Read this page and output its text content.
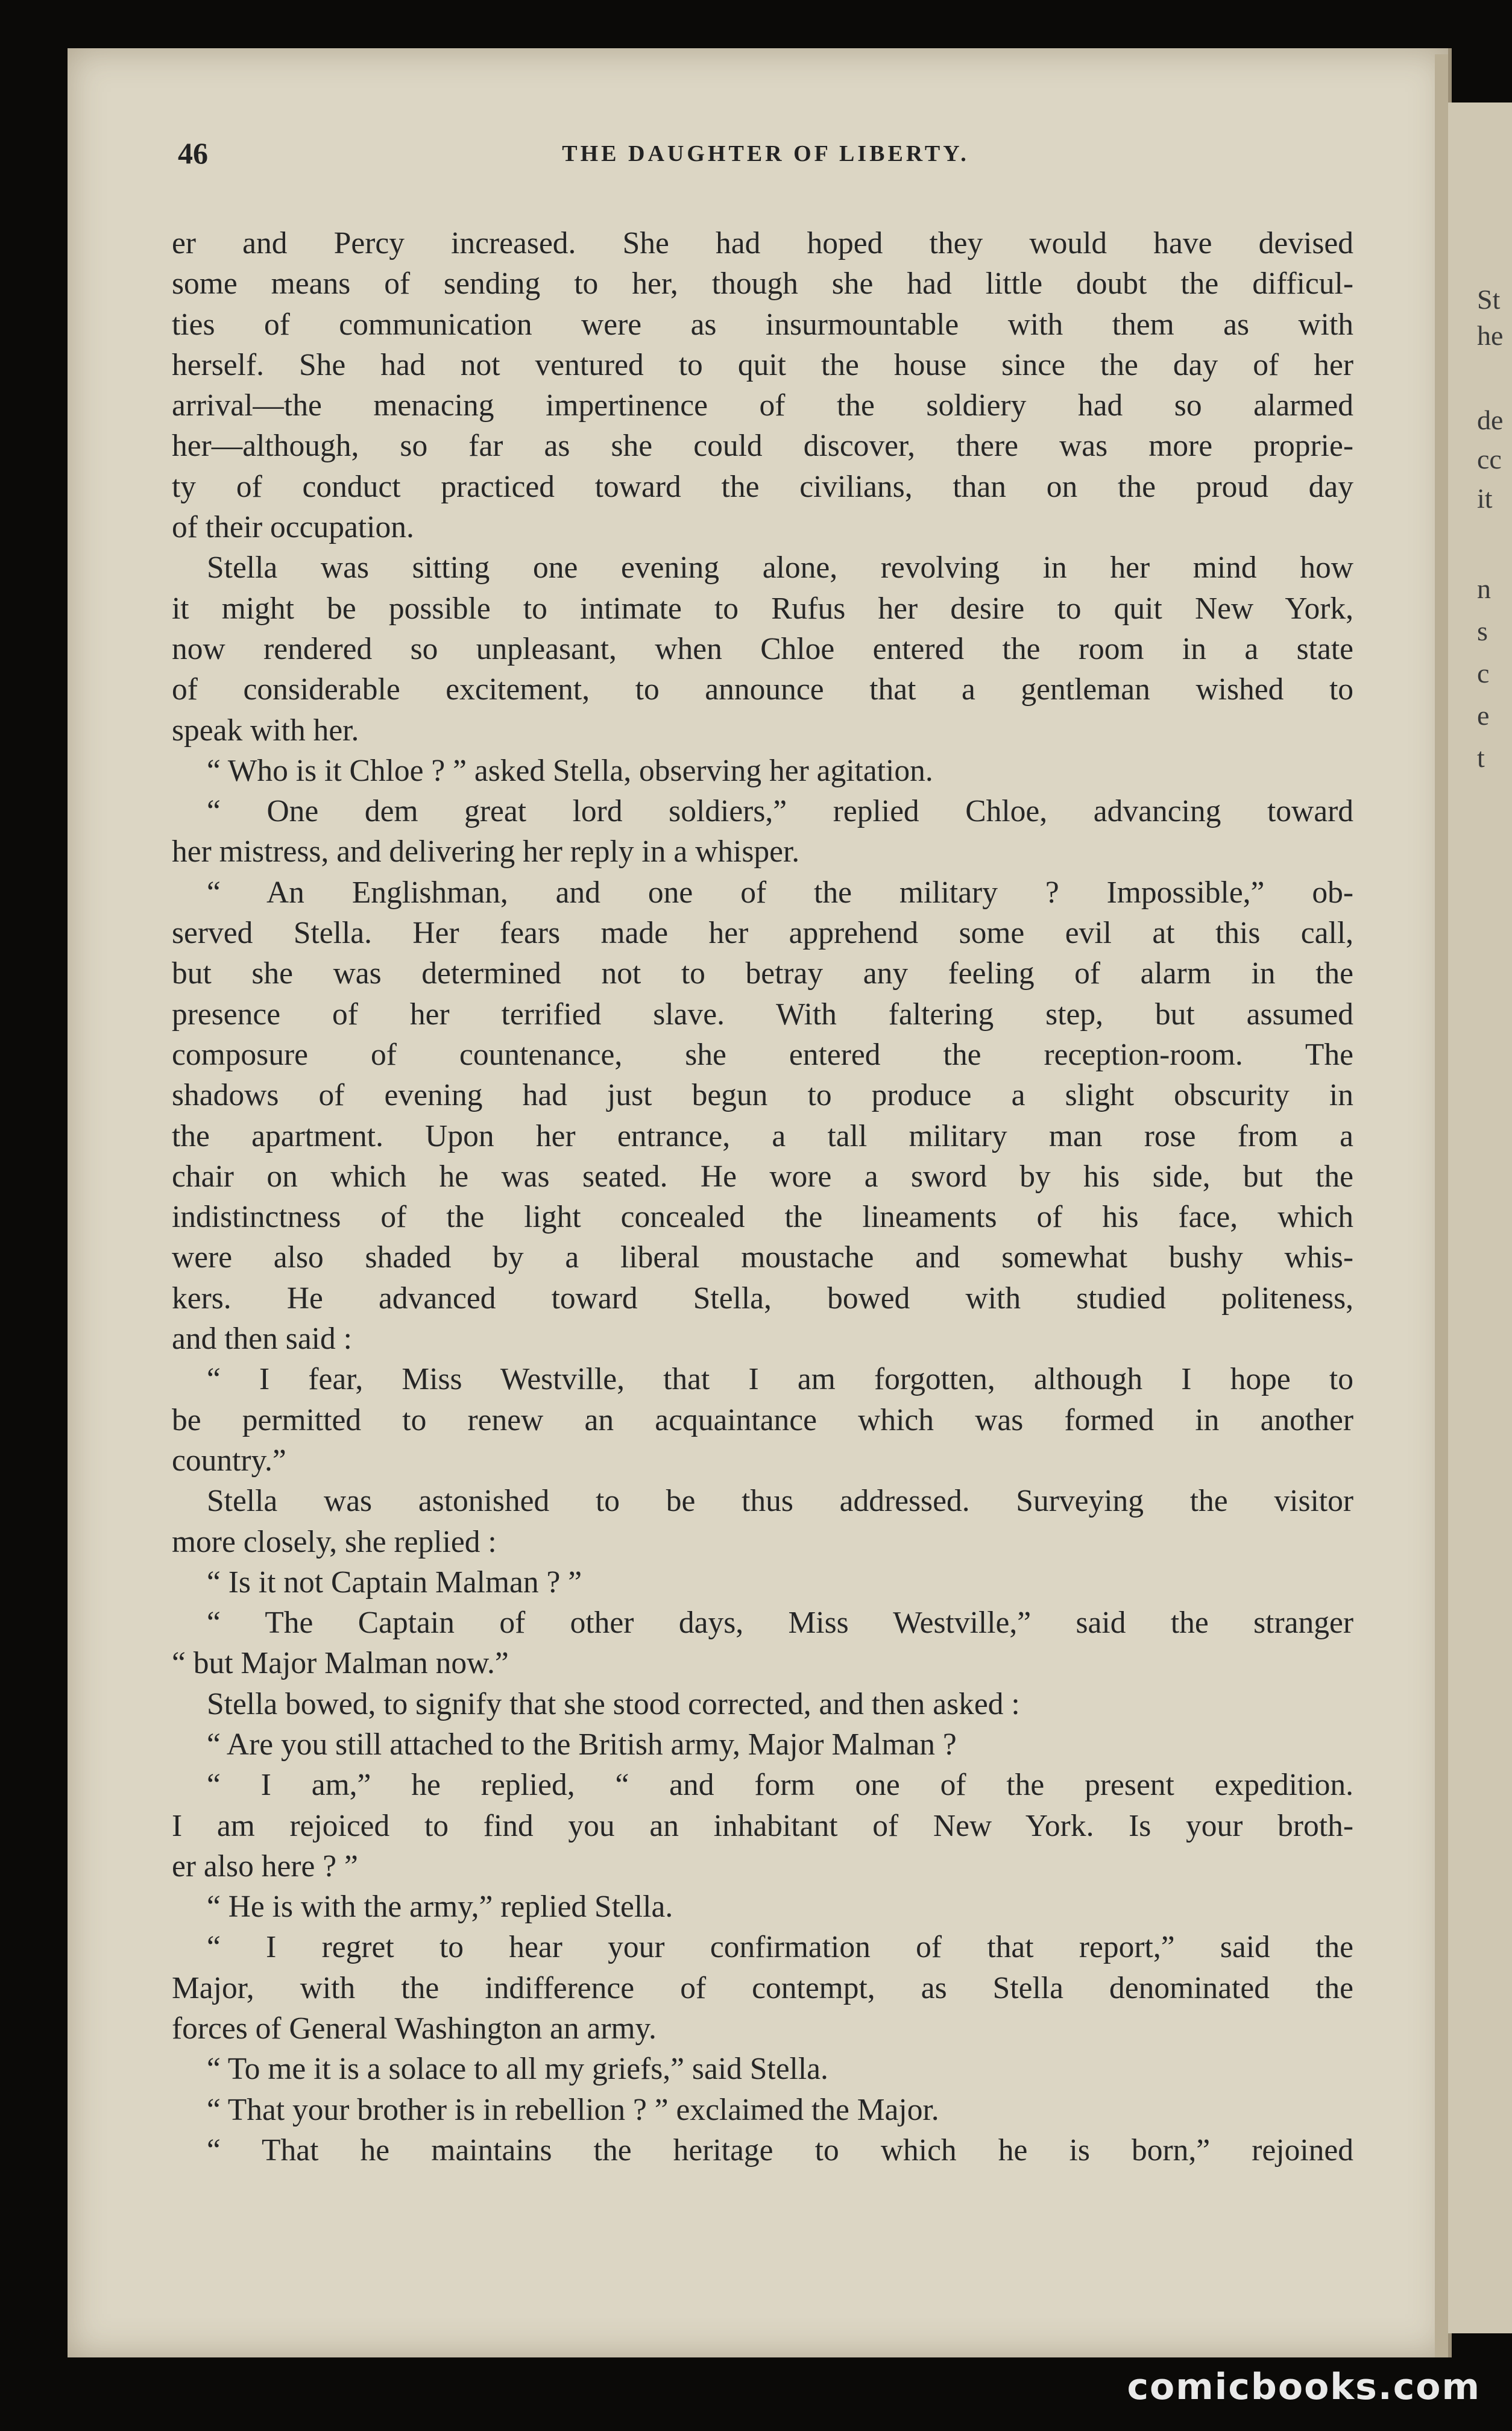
St
he
de
cc
it
n
s
c
e
t
46	THE DAUGHTER OF LIBERTY.
er and Percy increased. She had hoped they would have devised
some means of sending to her, though she had little doubt the difficul-
ties of communication were as insurmountable with them as with
herself. She had not ventured to quit the house since the day of her
arrival—the menacing impertinence of the soldiery had so alarmed
her—although, so far as she could discover, there was more proprie-
ty of conduct practiced toward the civilians, than on the proud day
of their occupation.
Stella was sitting one evening alone, revolving in her mind how
it might be possible to intimate to Rufus her desire to quit New York,
now rendered so unpleasant, when Chloe entered the room in a state
of considerable excitement, to announce that a gentleman wished to
speak with her.
“ Who is it Chloe ? ” asked Stella, observing her agitation.
“ One dem great lord soldiers,” replied Chloe, advancing toward
her mistress, and delivering her reply in a whisper.
“ An Englishman, and one of the military ? Impossible,” ob-
served Stella. Her fears made her apprehend some evil at this call,
but she was determined not to betray any feeling of alarm in the
presence of her terrified slave. With faltering step, but assumed
composure of countenance, she entered the reception-room. The
shadows of evening had just begun to produce a slight obscurity in
the apartment. Upon her entrance, a tall military man rose from a
chair on which he was seated. He wore a sword by his side, but the
indistinctness of the light concealed the lineaments of his face, which
were also shaded by a liberal moustache and somewhat bushy whis-
kers. He advanced toward Stella, bowed with studied politeness,
and then said :
“ I fear, Miss Westville, that I am forgotten, although I hope to
be permitted to renew an acquaintance which was formed in another
country.”
Stella was astonished to be thus addressed. Surveying the visitor
more closely, she replied :
“ Is it not Captain Malman ? ”
“ The Captain of other days, Miss Westville,” said the stranger
“ but Major Malman now.”
Stella bowed, to signify that she stood corrected, and then asked :
“ Are you still attached to the British army, Major Malman ?
“ I am,” he replied, “ and form one of the present expedition.
I am rejoiced to find you an inhabitant of New York. Is your broth-
er also here ? ”
“ He is with the army,” replied Stella.
“ I regret to hear your confirmation of that report,” said the
Major, with the indifference of contempt, as Stella denominated the
forces of General Washington an army.
“ To me it is a solace to all my griefs,” said Stella.
“ That your brother is in rebellion ? ” exclaimed the Major.
“ That he maintains the heritage to which he is born,” rejoined
comicbooks.com
